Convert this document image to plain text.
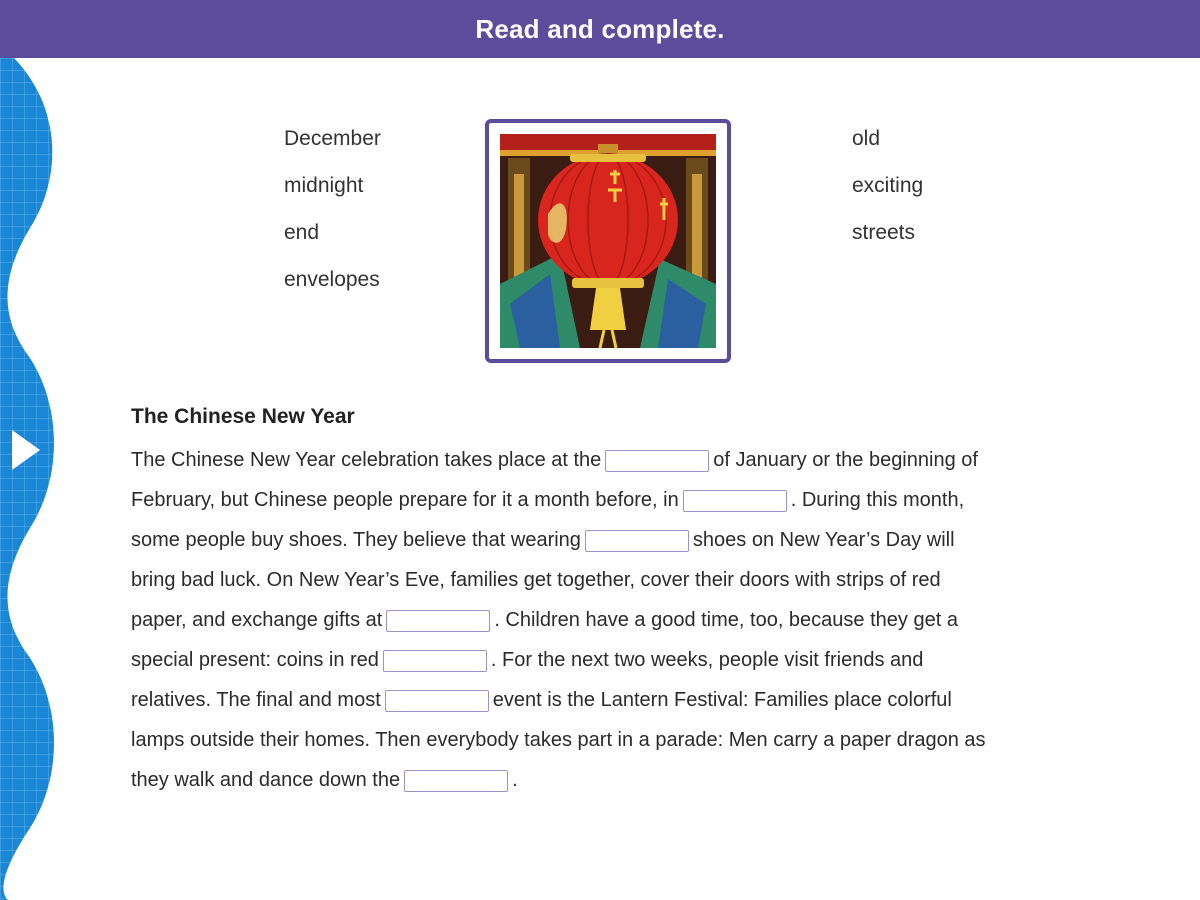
Read and complete.
December
midnight
end
envelopes
old
exciting
streets
The Chinese New Year
The Chinese New Year celebration takes place at the	of January or the beginning of
February, but Chinese people prepare for it a month before, in	. During this month,
some people buy shoes. They believe that wearing	shoes on New Year’s Day will
bring bad luck. On New Year’s Eve, families get together, cover their doors with strips of red
paper, and exchange gifts at	. Children have a good time, too, because they get a
special present: coins in red	. For the next two weeks, people visit friends and
relatives. The final and most	event is the Lantern Festival: Families place colorful
lamps outside their homes. Then everybody takes part in a parade: Men carry a paper dragon as
they walk and dance down the	.
